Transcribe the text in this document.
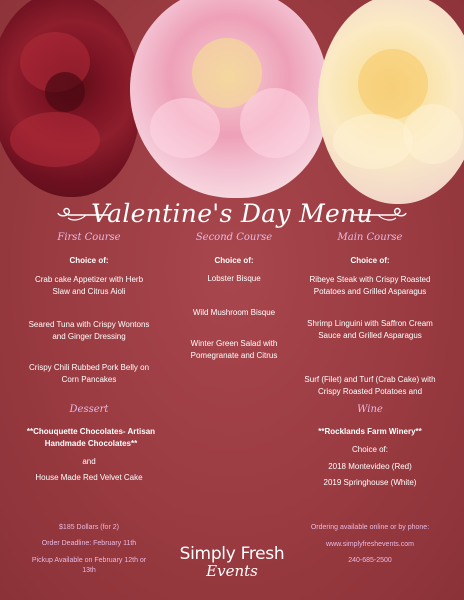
Valentine's Day Menu
First Course	Second Course	Main Course
Choice of:
Crab cake Appetizer with Herb Slaw and Citrus Aioli
Seared Tuna with Crispy Wontons and Ginger Dressing
Crispy Chili Rubbed Pork Belly on Corn Pancakes
Choice of:
Lobster Bisque
Wild Mushroom Bisque
Winter Green Salad with Pomegranate and Citrus
Choice of:
Ribeye Steak with Crispy Roasted Potatoes and Grilled Asparagus
Shrimp Linguini with Saffron Cream Sauce and Grilled Asparagus
Surf (Filet) and Turf (Crab Cake) with Crispy Roasted Potatoes and
Dessert
**Chouquette Chocolates- Artisan Handmade Chocolates**
and
House Made Red Velvet Cake
Wine
**Rocklands Farm Winery**
Choice of:
2018 Montevideo (Red)
2019 Springhouse (White)
$185 Dollars (for 2)
Order Deadline: February 11th
Pickup Available on February 12th or 13th
Ordering available online or by phone:
www.simplyfreshevents.com
240-685-2500
Simply Fresh
Events
